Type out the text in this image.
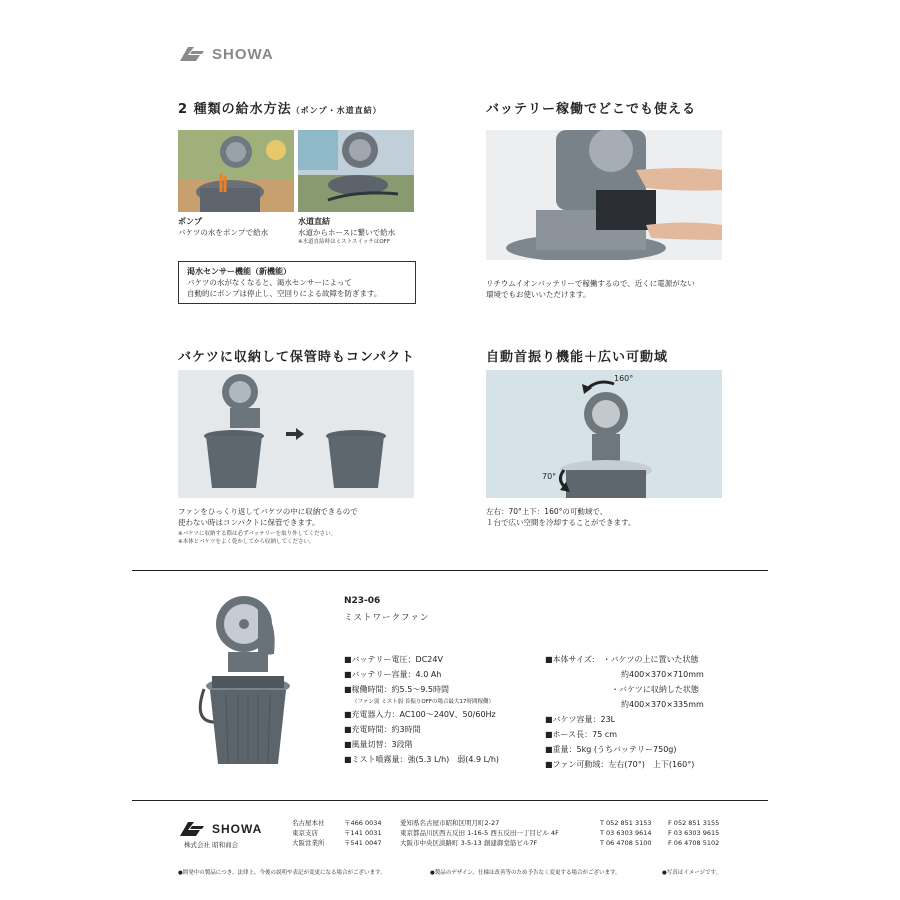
SHOWA
2 種類の給水方法（ポンプ・水道直結）
ポンプ
バケツの水をポンプで給水
水道直結
水道からホースに繋いで給水
※水道直結時はミストスイッチはOFF
渇水センサー機能（新機能）
バケツの水がなくなると、渇水センサーによって
自動的にポンプは停止し、空回りによる故障を防ぎます。
バッテリー稼働でどこでも使える
リチウムイオンバッテリーで稼働するので、近くに電源がない
環境でもお使いいただけます。
バケツに収納して保管時もコンパクト
ファンをひっくり返してバケツの中に収納できるので
使わない時はコンパクトに保管できます。
※バケツに収納する際は必ずバッテリーを取り外してください。
※本体とバケツをよく乾かしてから収納してください。
自動首振り機能＋広い可動域
160°
70°
左右：70°上下：160°の可動域で、
１台で広い空間を冷却することができます。
N23-06
ミストワークファン
■バッテリー電圧：DC24V
■バッテリー容量：4.0 Ah
■稼働時間：約5.5〜9.5時間
（ファン弱 ミスト弱 首振りOFFの場合最大17時間稼働）
■充電器入力：AC100〜240V、50/60Hz
■充電時間：約3時間
■風量切替：3段階
■ミスト噴霧量：強(5.3 L/h)　弱(4.9 L/h)
■本体サイズ:　・バケツの上に置いた状態
約400×370×710mm
・バケツに収納した状態
約400×370×335mm
■バケツ容量：23L
■ホース長：75 cm
■重量：5kg (うちバッテリー750g)
■ファン可動域：左右(70°)　上下(160°)
SHOWA
株式会社 昭和商会
名古屋本社
東京支店
大阪営業所
〒466 0034
〒141 0031
〒541 0047
愛知県名古屋市昭和区明月町2-27
東京都品川区西五反田 1-16-5 西五反田一丁目ビル 4F
大阪市中央区淡路町 3-5-13 創建御堂筋ビル7F
T 052 851 3153
T 03 6303 9614
T 06 4708 5100
F 052 851 3155
F 03 6303 9615
F 06 4708 5102
●開発中の製品につき、法律上、今後の説明や表記が変更になる場合がございます。	●製品のデザイン、仕様は改善等のため予告なく変更する場合がございます。	●写真はイメージです。
